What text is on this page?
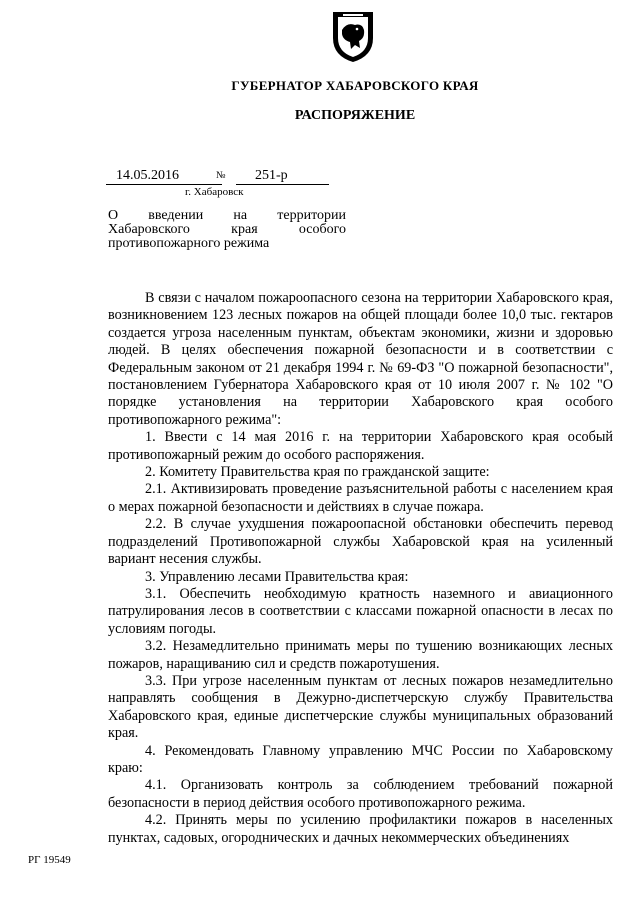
ГУБЕРНАТОР ХАБАРОВСКОГО КРАЯ
РАСПОРЯЖЕНИЕ
14.05.2016	№	251-р
г. Хабаровск
О введении на территории Хабаровского края особого противопожарного режима

В связи с началом пожароопасного сезона на территории Хабаровского края, возникновением 123 лесных пожаров на общей площади более 10,0 тыс. гектаров создается угроза населенным пунктам, объектам экономики, жизни и здоровью людей. В целях обеспечения пожарной безопасности и в соответствии с Федеральным законом от 21 декабря 1994 г. № 69-ФЗ "О пожарной безопасности", постановлением Губернатора Хабаровского края от 10 июля 2007 г. № 102 "О порядке установления на территории Хабаровского края особого противопожарного режима":

1. Ввести с 14 мая 2016 г. на территории Хабаровского края особый противопожарный режим до особого распоряжения.

2. Комитету Правительства края по гражданской защите:

2.1. Активизировать проведение разъяснительной работы с населением края о мерах пожарной безопасности и действиях в случае пожара.

2.2. В случае ухудшения пожароопасной обстановки обеспечить перевод подразделений Противопожарной службы Хабаровской края на усиленный вариант несения службы.

3. Управлению лесами Правительства края:

3.1. Обеспечить необходимую кратность наземного и авиационного патрулирования лесов в соответствии с классами пожарной опасности в лесах по условиям погоды.

3.2. Незамедлительно принимать меры по тушению возникающих лесных пожаров, наращиванию сил и средств пожаротушения.

3.3. При угрозе населенным пунктам от лесных пожаров незамедлительно направлять сообщения в Дежурно-диспетчерскую службу Правительства Хабаровского края, единые диспетчерские службы муниципальных образований края.

4. Рекомендовать Главному управлению МЧС России по Хабаровскому краю:

4.1. Организовать контроль за соблюдением требований пожарной безопасности в период действия особого противопожарного режима.

4.2. Принять меры по усилению профилактики пожаров в населенных пунктах, садовых, огороднических и дачных некоммерческих объединениях

РГ 19549
